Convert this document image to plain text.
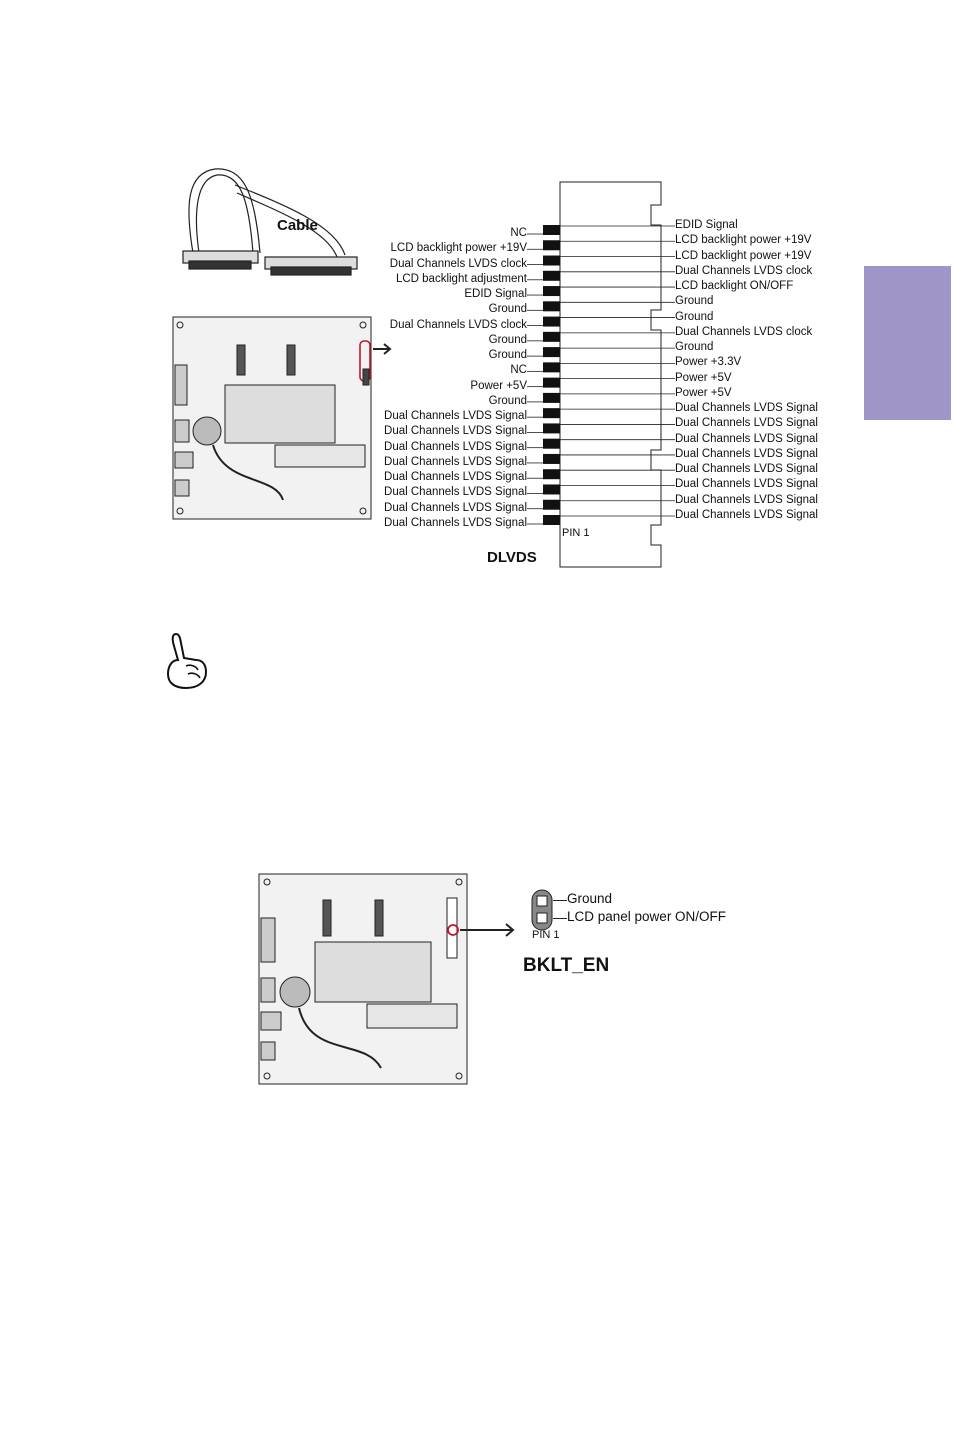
Cable
DLVDS
PIN 1
NC
LCD backlight power +19V
Dual Channels LVDS clock
LCD backlight adjustment
EDID Signal
Ground
Dual Channels LVDS clock
Ground
Ground
NC
Power +5V
Ground
Dual Channels LVDS Signal
Dual Channels LVDS Signal
Dual Channels LVDS Signal
Dual Channels LVDS Signal
Dual Channels LVDS Signal
Dual Channels LVDS Signal
Dual Channels LVDS Signal
Dual Channels LVDS Signal
EDID Signal
LCD backlight power +19V
LCD backlight power +19V
Dual Channels LVDS clock
LCD backlight ON/OFF
Ground
Ground
Dual Channels LVDS clock
Ground
Power +3.3V
Power +5V
Power +5V
Dual Channels LVDS Signal
Dual Channels LVDS Signal
Dual Channels LVDS Signal
Dual Channels LVDS Signal
Dual Channels LVDS Signal
Dual Channels LVDS Signal
Dual Channels LVDS Signal
Dual Channels LVDS Signal
Ground
LCD panel power ON/OFF
PIN 1
BKLT_EN
